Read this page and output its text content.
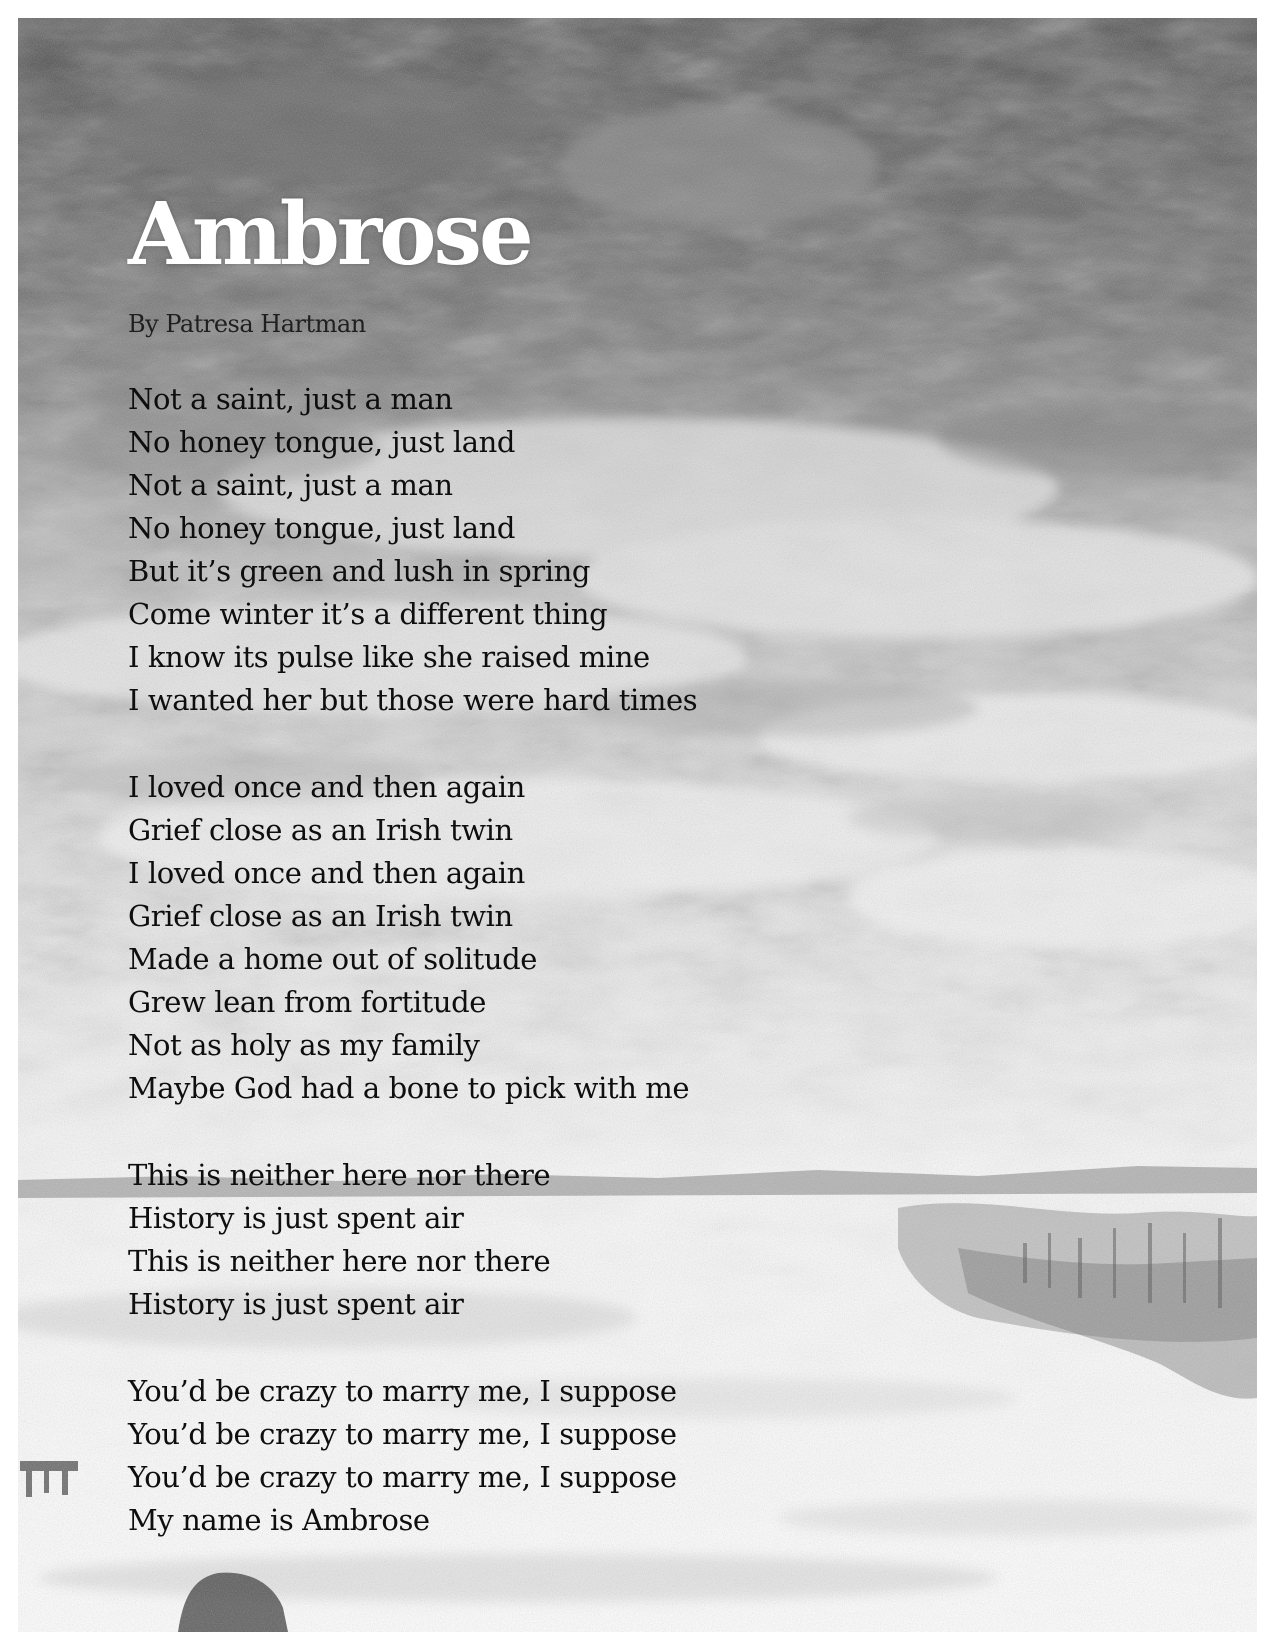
Ambrose
By Patresa Hartman
Not a saint, just a man
No honey tongue, just land
Not a saint, just a man
No honey tongue, just land
But it’s green and lush in spring
Come winter it’s a different thing
I know its pulse like she raised mine
I wanted her but those were hard times
I loved once and then again
Grief close as an Irish twin
I loved once and then again
Grief close as an Irish twin
Made a home out of solitude
Grew lean from fortitude
Not as holy as my family
Maybe God had a bone to pick with me
This is neither here nor there
History is just spent air
This is neither here nor there
History is just spent air
You’d be crazy to marry me, I suppose
You’d be crazy to marry me, I suppose
You’d be crazy to marry me, I suppose
My name is Ambrose
